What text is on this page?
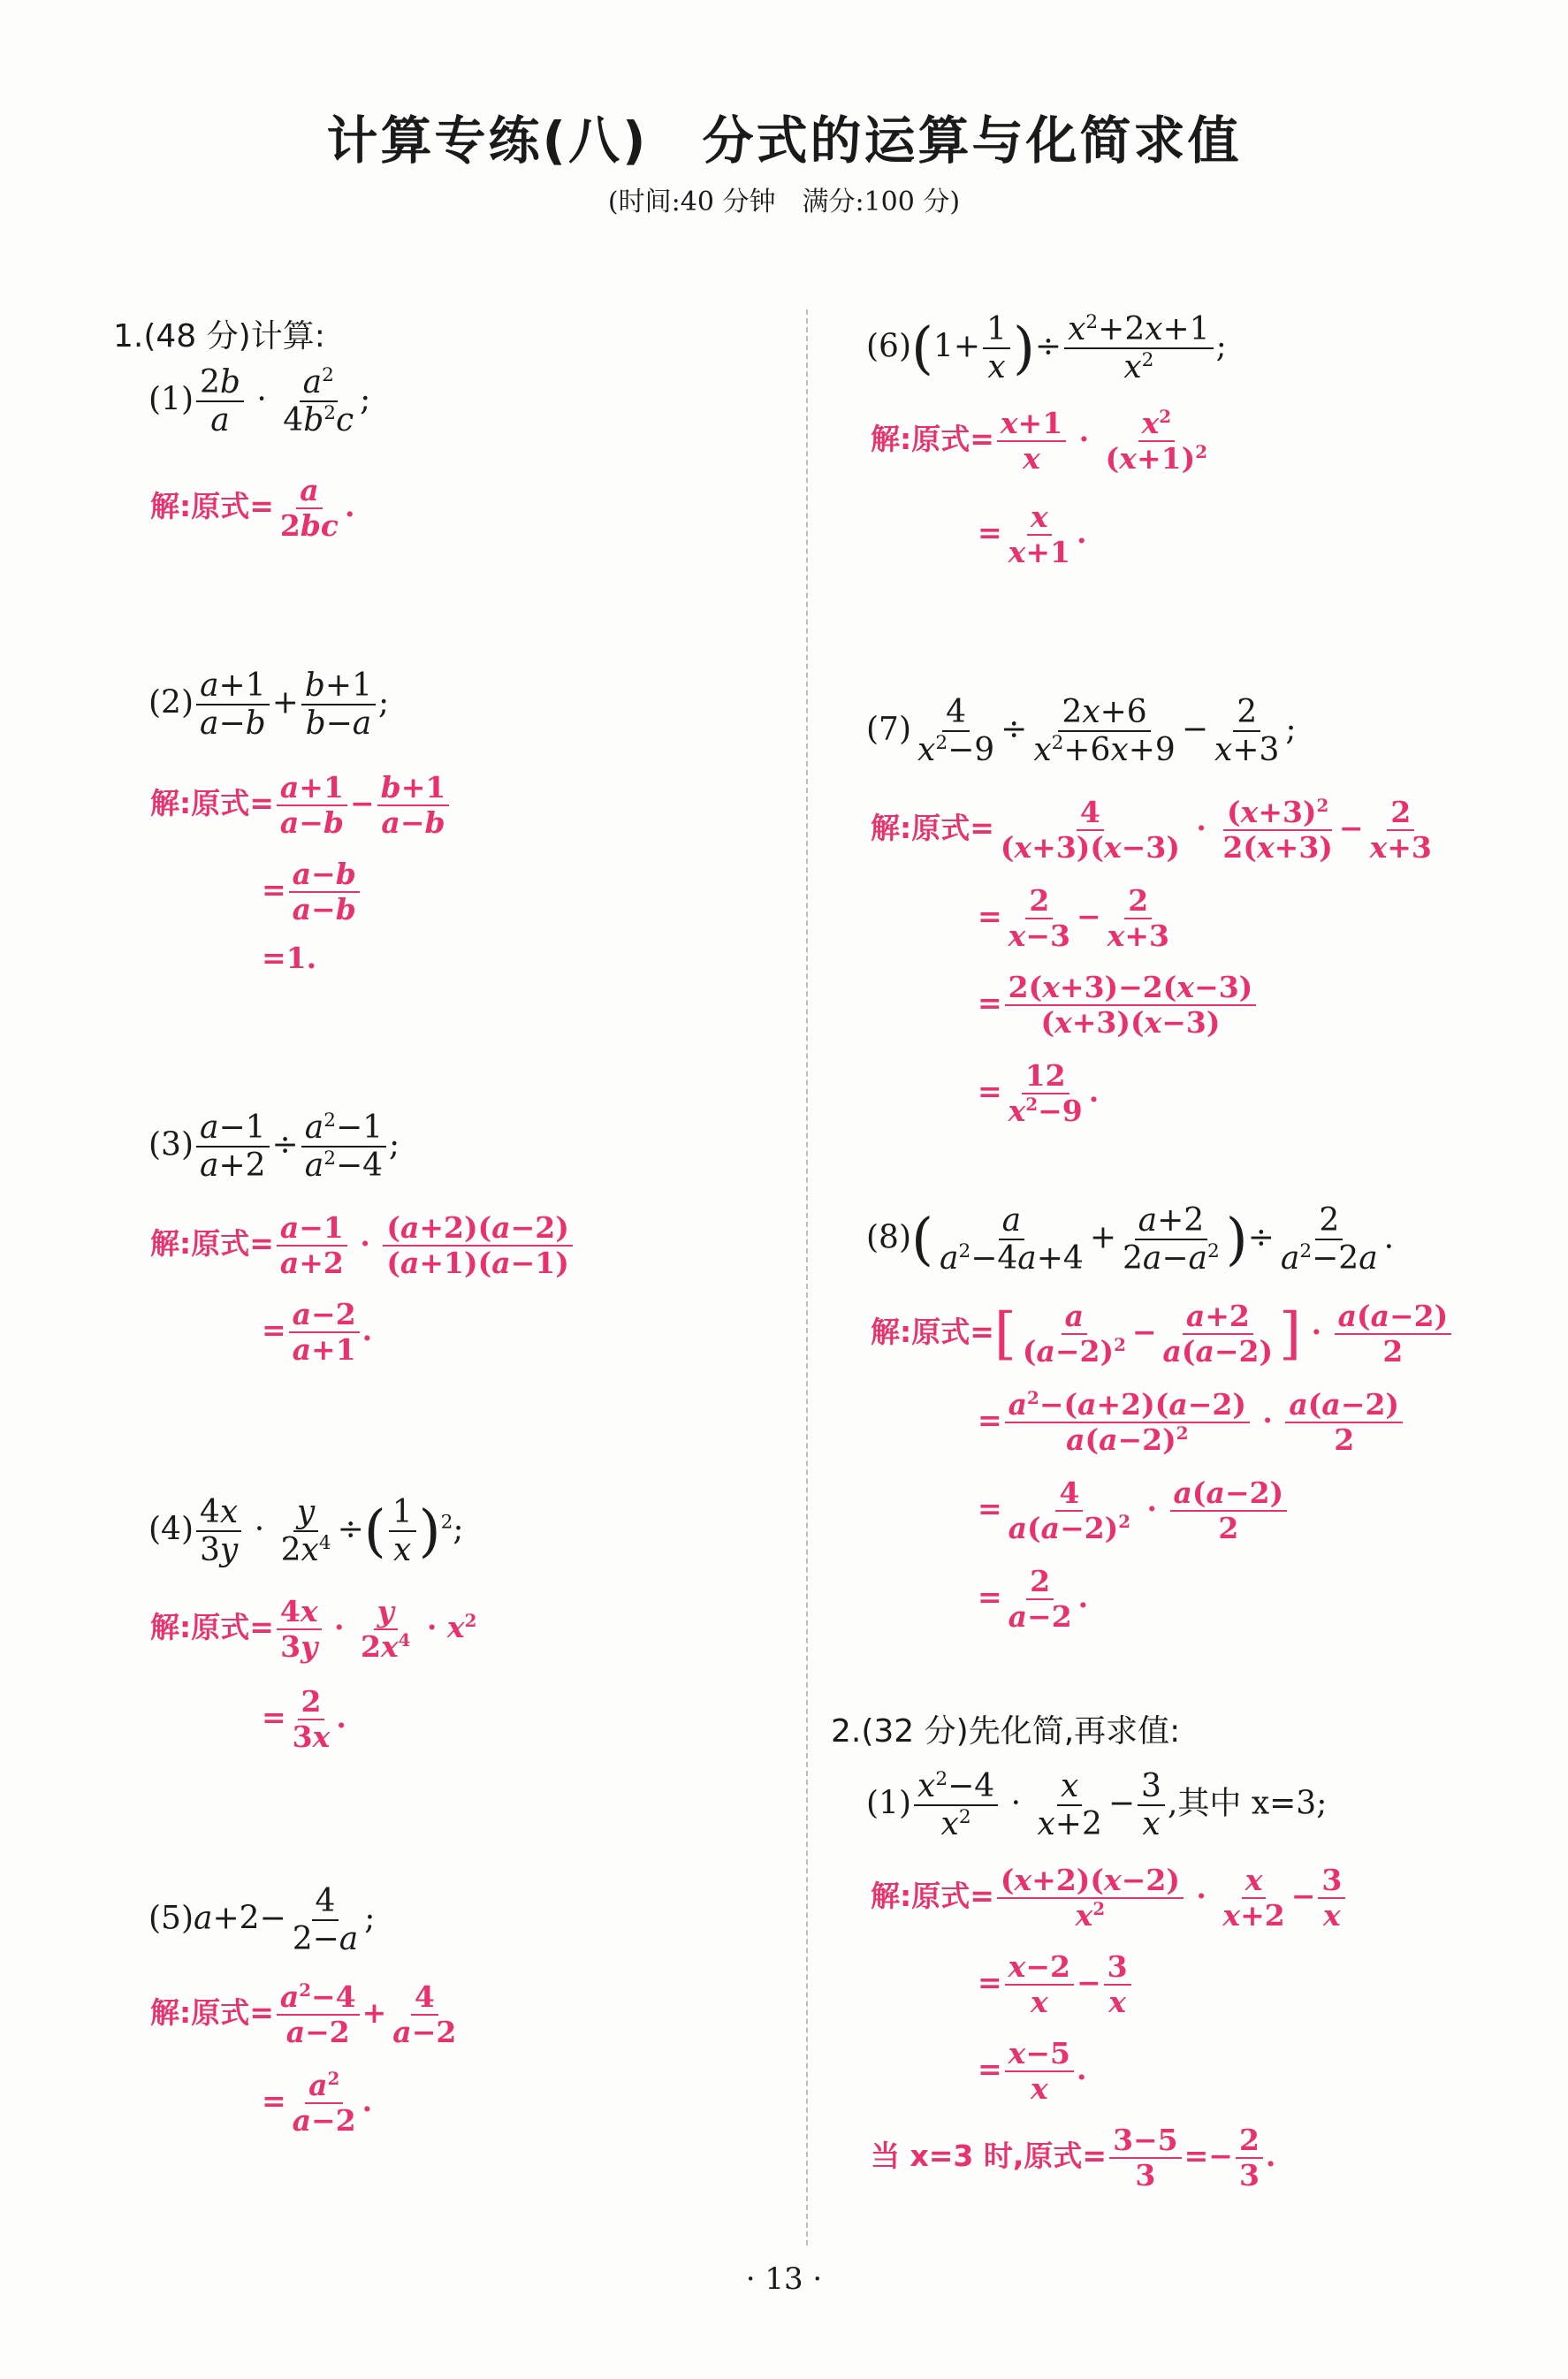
计算专练(八)　分式的运算与化简求值
(时间:40 分钟　满分:100 分)
1.(48 分)计算:
$(1) \frac{2b}{a} \cdot \frac{a^2}{4b^2c}$ ;
解:原式= $\frac{a}{2bc}$ .
$(2) \frac{a+1}{a-b} + \frac{b+1}{b-a}$ ;
解:原式= $\frac{a+1}{a-b} - \frac{b+1}{a-b}$
= $\frac{a-b}{a-b}$
=1.
$(3) \frac{a-1}{a+2} \div \frac{a^2-1}{a^2-4}$ ;
解:原式= $\frac{a-1}{a+2} \cdot \frac{(a+2)(a-2)}{(a+1)(a-1)}$
= $\frac{a-2}{a+1}$ .
$(4) \frac{4x}{3y} \cdot \frac{y}{2x^4}$ ÷( $\frac{1}{x} )^2$;
解:原式= $\frac{4x}{3y} \cdot \frac{y}{2x^4} \cdot x^2$
= $\frac{2}{3x}$ .
$(5)a+2- \frac{4}{2-a}$ ;
解:原式= $\frac{a^2-4}{a-2} + \frac{4}{a-2}$
= $\frac{a^2}{a-2}$ .
$(6)(1+ \frac{1}{x}$ )÷ $\frac{x^2+2x+1}{x^2}$ ;
解:原式= $\frac{x+1}{x} \cdot \frac{x^2}{(x+1)^2}$
= $\frac{x}{x+1}$ .
$(7) \frac{4}{x^2-9} \div \frac{2x+6}{x^2+6x+9} - \frac{2}{x+3}$ ;
解:原式= $\frac{4}{(x+3)(x-3)} \cdot \frac{(x+3)^2}{2(x+3)} - \frac{2}{x+3}$
= $\frac{2}{x-3} - \frac{2}{x+3}$
= $\frac{2(x+3)-2(x-3)}{(x+3)(x-3)}$
= $\frac{12}{x^2-9}$ .
$(8)( \frac{a}{a^2-4a+4} + \frac{a+2}{2a-a^2}$ )÷ $\frac{2}{a^2-2a}$ .
解:原式=[ $\frac{a}{(a-2)^2} - \frac{a+2}{a(a-2)}$ ] · $\frac{a(a-2)}{2}$
= $\frac{a^2-(a+2)(a-2)}{a(a-2)^2} \cdot \frac{a(a-2)}{2}$
= $\frac{4}{a(a-2)^2} \cdot \frac{a(a-2)}{2}$
= $\frac{2}{a-2}$ .
2.(32 分)先化简,再求值:
$(1) \frac{x^2-4}{x^2} \cdot \frac{x}{x+2} - \frac{3}{x}$ ,其中 x=3;
解:原式= $\frac{(x+2)(x-2)}{x^2} \cdot \frac{x}{x+2} - \frac{3}{x}$
= $\frac{x-2}{x} - \frac{3}{x}$
= $\frac{x-5}{x}$ .
当 x=3 时,原式= $\frac{3-5}{3} =- \frac{2}{3}$ .
· 13 ·
